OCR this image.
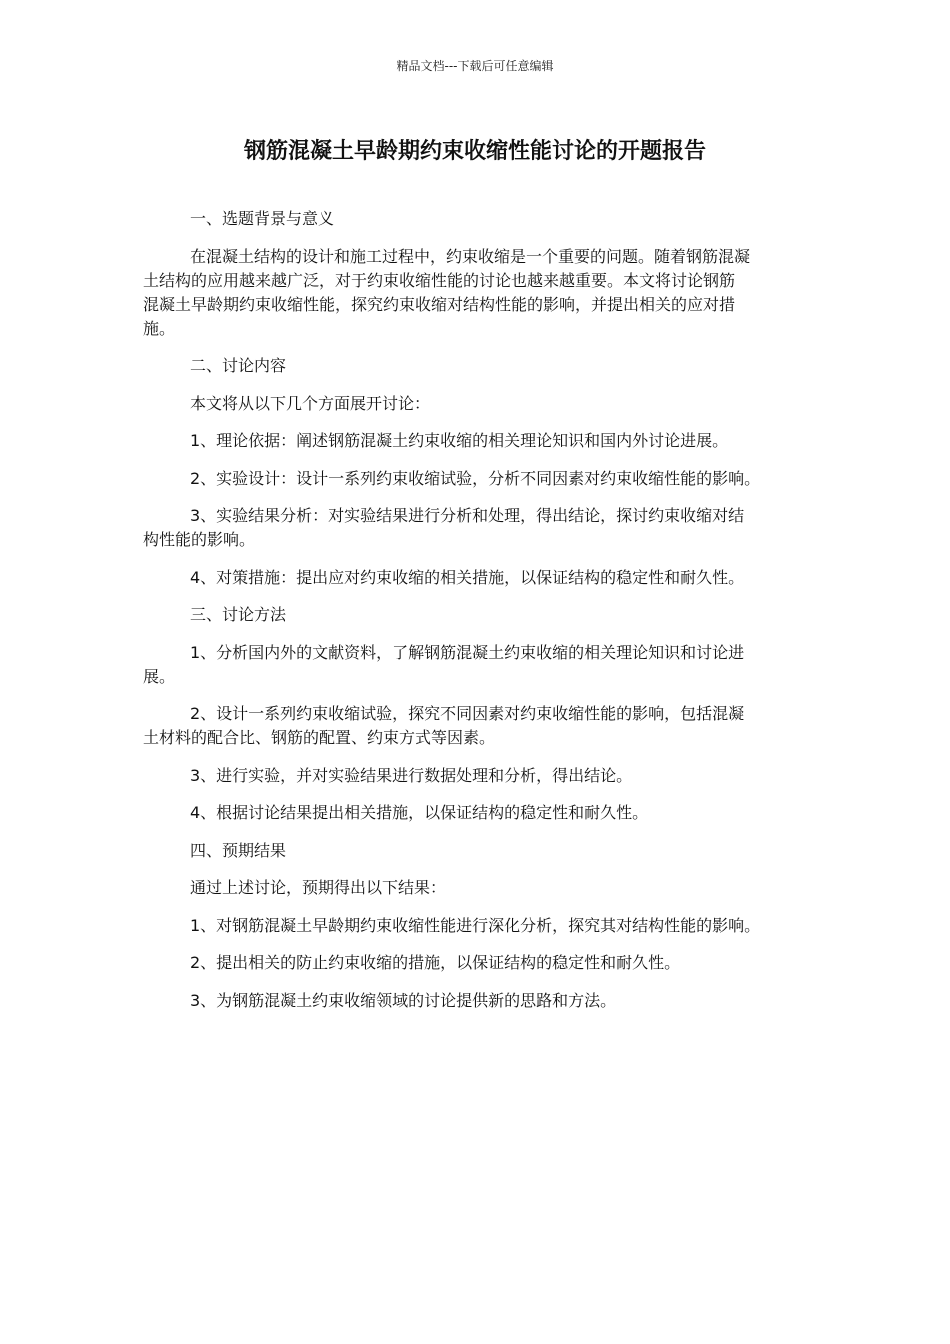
精品文档---下载后可任意编辑
钢筋混凝土早龄期约束收缩性能讨论的开题报告

一、选题背景与意义

在混凝土结构的设计和施工过程中，约束收缩是一个重要的问题。随着钢筋混凝
土结构的应用越来越广泛，对于约束收缩性能的讨论也越来越重要。本文将讨论钢筋
混凝土早龄期约束收缩性能，探究约束收缩对结构性能的影响，并提出相关的应对措
施。

二、讨论内容

本文将从以下几个方面展开讨论：

1、理论依据：阐述钢筋混凝土约束收缩的相关理论知识和国内外讨论进展。

2、实验设计：设计一系列约束收缩试验，分析不同因素对约束收缩性能的影响。

3、实验结果分析：对实验结果进行分析和处理，得出结论，探讨约束收缩对结
构性能的影响。

4、对策措施：提出应对约束收缩的相关措施，以保证结构的稳定性和耐久性。

三、讨论方法

1、分析国内外的文献资料，了解钢筋混凝土约束收缩的相关理论知识和讨论进
展。

2、设计一系列约束收缩试验，探究不同因素对约束收缩性能的影响，包括混凝
土材料的配合比、钢筋的配置、约束方式等因素。

3、进行实验，并对实验结果进行数据处理和分析，得出结论。

4、根据讨论结果提出相关措施，以保证结构的稳定性和耐久性。

四、预期结果

通过上述讨论，预期得出以下结果：

1、对钢筋混凝土早龄期约束收缩性能进行深化分析，探究其对结构性能的影响。

2、提出相关的防止约束收缩的措施，以保证结构的稳定性和耐久性。

3、为钢筋混凝土约束收缩领域的讨论提供新的思路和方法。
